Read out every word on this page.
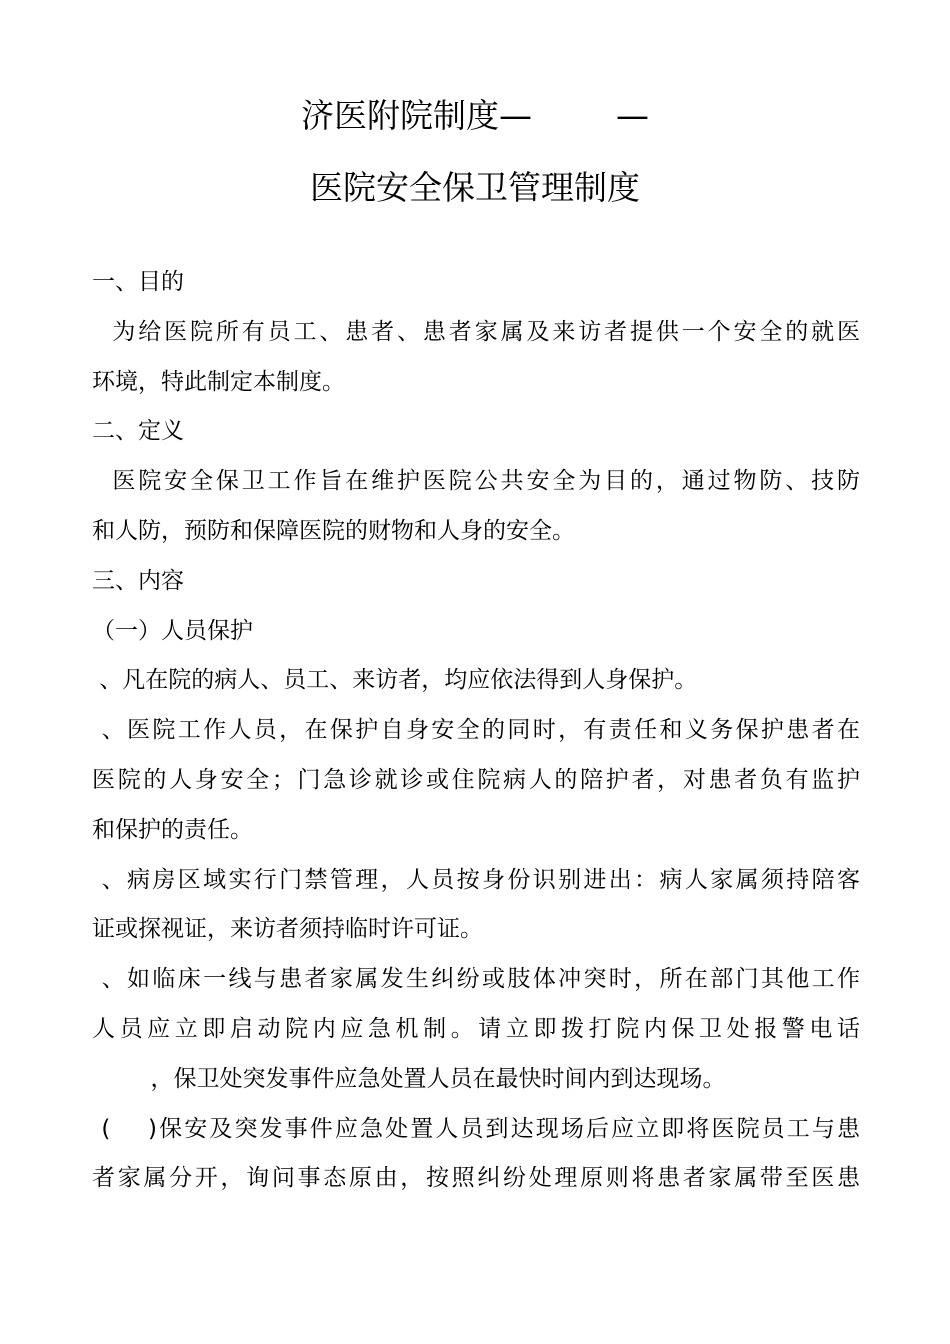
济医附院制度—        —
医院安全保卫管理制度
一、目的
为给医院所有员工、患者、患者家属及来访者提供一个安全的就医
环境，特此制定本制度。
二、定义
医院安全保卫工作旨在维护医院公共安全为目的，通过物防、技防
和人防，预防和保障医院的财物和人身的安全。
三、内容
（一）人员保护
、凡在院的病人、员工、来访者，均应依法得到人身保护。
、医院工作人员，在保护自身安全的同时，有责任和义务保护患者在
医院的人身安全；门急诊就诊或住院病人的陪护者，对患者负有监护
和保护的责任。
、病房区域实行门禁管理，人员按身份识别进出：病人家属须持陪客
证或探视证，来访者须持临时许可证。
、如临床一线与患者家属发生纠纷或肢体冲突时，所在部门其他工作
人员应立即启动院内应急机制。请立即拨打院内保卫处报警电话
，保卫处突发事件应急处置人员在最快时间内到达现场。
(    )保安及突发事件应急处置人员到达现场后应立即将医院员工与患
者家属分开，询问事态原由，按照纠纷处理原则将患者家属带至医患
